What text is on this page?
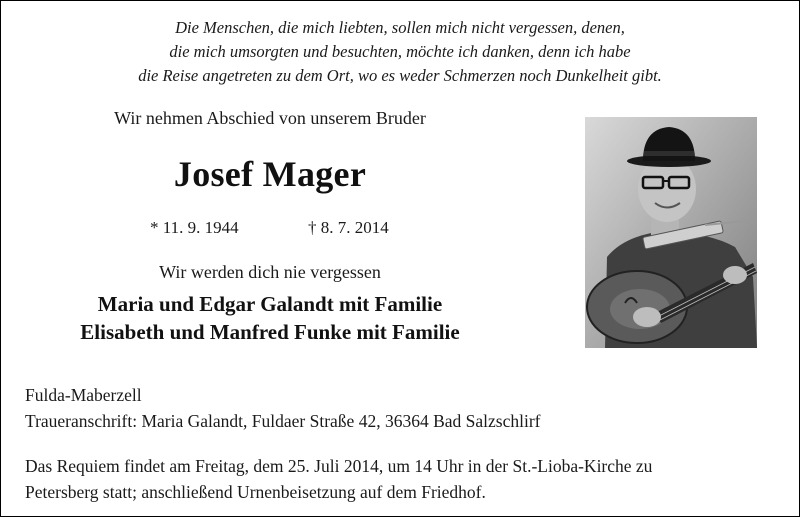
Die Menschen, die mich liebten, sollen mich nicht vergessen, denen,
die mich umsorgten und besuchten, möchte ich danken, denn ich habe
die Reise angetreten zu dem Ort, wo es weder Schmerzen noch Dunkelheit gibt.
Wir nehmen Abschied von unserem Bruder
Josef Mager
* 11. 9. 1944	† 8. 7. 2014
Wir werden dich nie vergessen
Maria und Edgar Galandt mit Familie
Elisabeth und Manfred Funke mit Familie
Fulda-Maberzell
Traueranschrift: Maria Galandt, Fuldaer Straße 42, 36364 Bad Salzschlirf
Das Requiem findet am Freitag, dem 25. Juli 2014, um 14 Uhr in der St.-Lioba-Kirche zu
Petersberg statt; anschließend Urnenbeisetzung auf dem Friedhof.
